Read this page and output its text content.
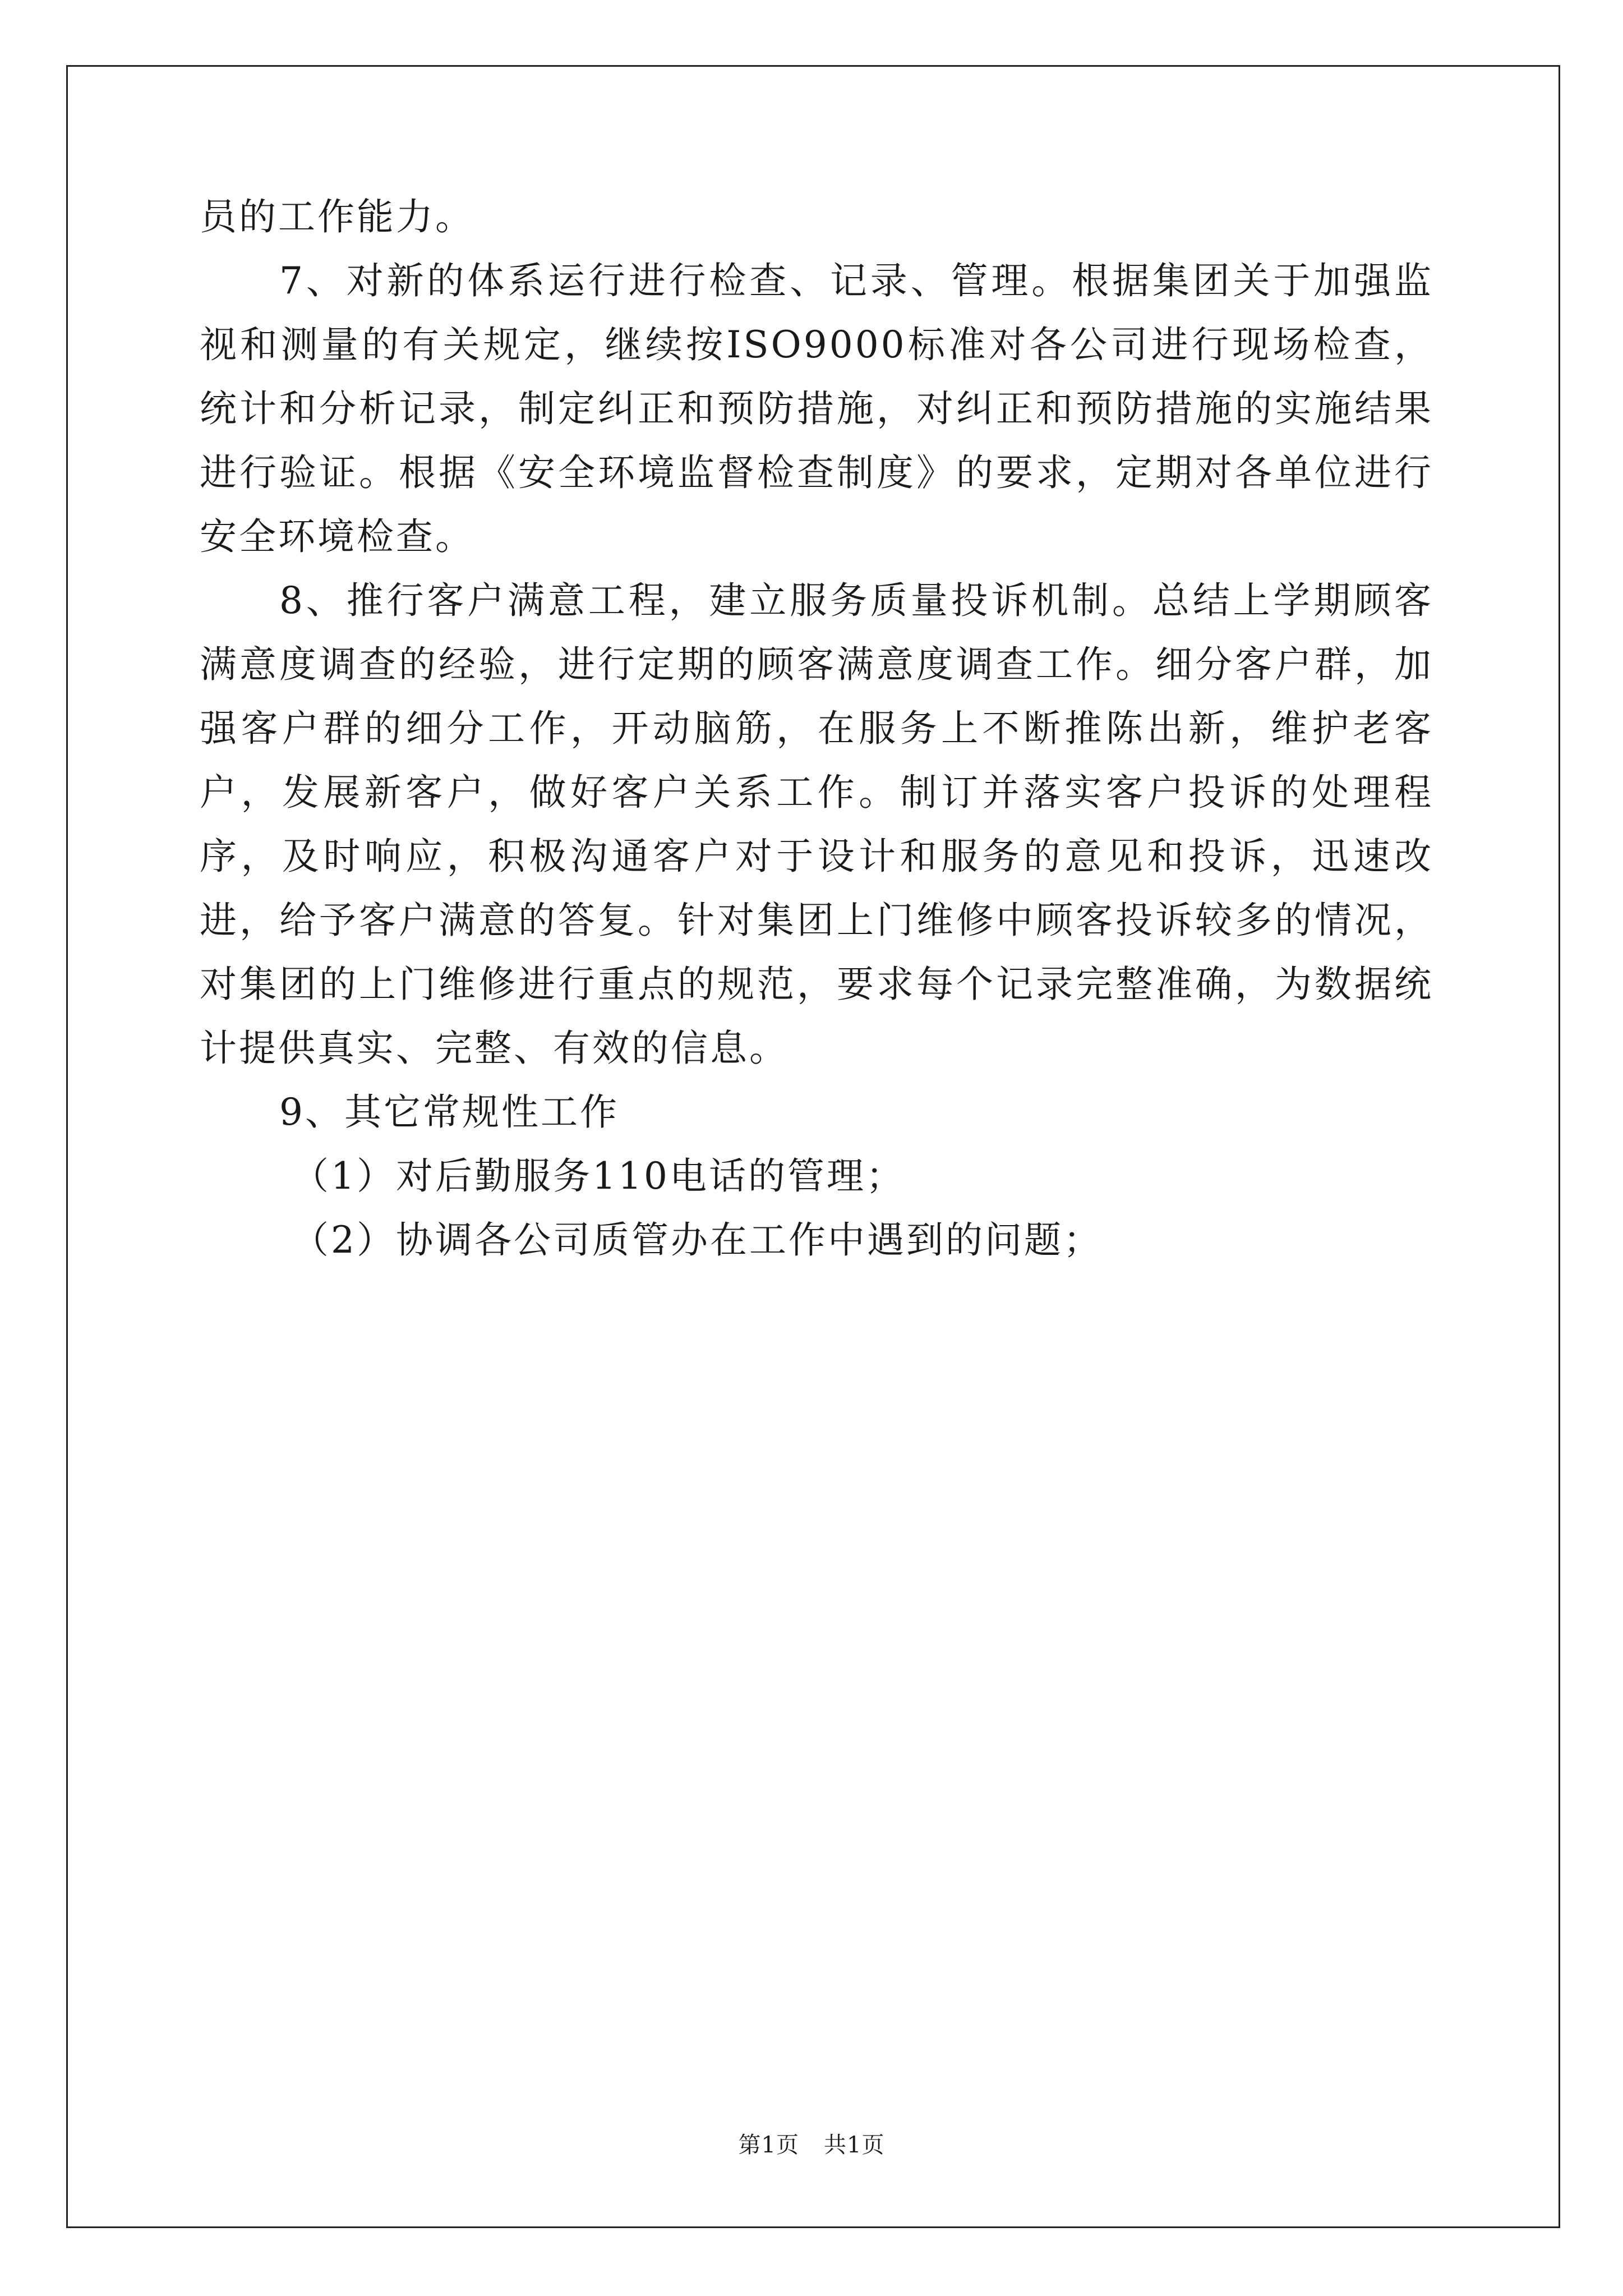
员的工作能力。

7、对新的体系运行进行检查、记录、管理。根据集团关于加强监视和测量的有关规定，继续按ISO9000标准对各公司进行现场检查，统计和分析记录，制定纠正和预防措施，对纠正和预防措施的实施结果进行验证。根据《安全环境监督检查制度》的要求，定期对各单位进行安全环境检查。

8、推行客户满意工程，建立服务质量投诉机制。总结上学期顾客满意度调查的经验，进行定期的顾客满意度调查工作。细分客户群，加强客户群的细分工作，开动脑筋，在服务上不断推陈出新，维护老客户，发展新客户，做好客户关系工作。制订并落实客户投诉的处理程序，及时响应，积极沟通客户对于设计和服务的意见和投诉，迅速改进，给予客户满意的答复。针对集团上门维修中顾客投诉较多的情况，对集团的上门维修进行重点的规范，要求每个记录完整准确，为数据统计提供真实、完整、有效的信息。

9、其它常规性工作

（1）对后勤服务110电话的管理；

（2）协调各公司质管办在工作中遇到的问题；

第1页 共1页
